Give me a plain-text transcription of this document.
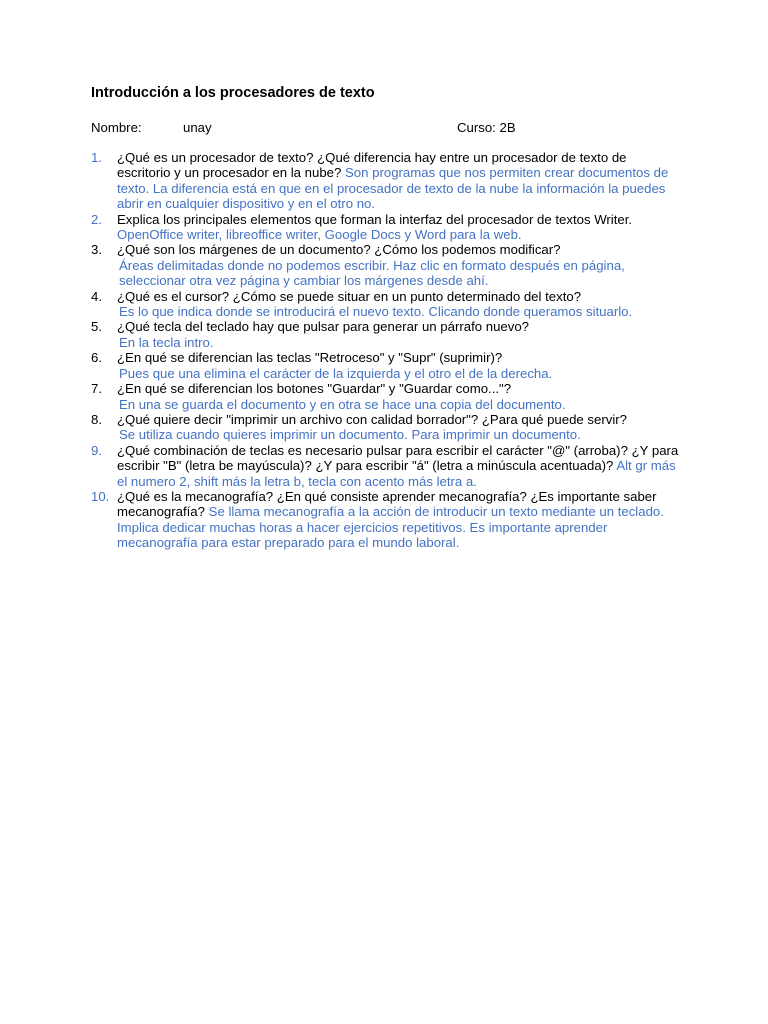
Introducción a los procesadores de texto
Nombre:	unay	Curso: 2B
1.	¿Qué es un procesador de texto? ¿Qué diferencia hay entre un procesador de texto de escritorio y un procesador en la nube? Son programas que nos permiten crear documentos de texto. La diferencia está en que en el procesador de texto de la nube la información la puedes abrir en cualquier dispositivo y en el otro no.
2.	Explica los principales elementos que forman la interfaz del procesador de textos Writer.
OpenOffice writer, libreoffice writer, Google Docs y Word para la web.
3.	¿Qué son los márgenes de un documento? ¿Cómo los podemos modificar?
Áreas delimitadas donde no podemos escribir. Haz clic en formato después en página, seleccionar otra vez página y cambiar los márgenes desde ahí.
4.	¿Qué es el cursor? ¿Cómo se puede situar en un punto determinado del texto?
Es lo que indica donde se introducirá el nuevo texto. Clicando donde queramos situarlo.
5.	¿Qué tecla del teclado hay que pulsar para generar un párrafo nuevo?
En la tecla intro.
6.	¿En qué se diferencian las teclas "Retroceso" y "Supr" (suprimir)?
Pues que una elimina el carácter de la izquierda y el otro el de la derecha.
7.	¿En qué se diferencian los botones "Guardar" y "Guardar como..."?
En una se guarda el documento y en otra se hace una copia del documento.
8.	¿Qué quiere decir "imprimir un archivo con calidad borrador"? ¿Para qué puede servir?
Se utiliza cuando quieres imprimir un documento. Para imprimir un documento.
9.	¿Qué combinación de teclas es necesario pulsar para escribir el carácter "@" (arroba)? ¿Y para escribir "B" (letra be mayúscula)? ¿Y para escribir "á" (letra a minúscula acentuada)? Alt gr más el numero 2, shift más la letra b, tecla con acento más letra a.
10. ¿Qué es la mecanografía? ¿En qué consiste aprender mecanografía? ¿Es importante saber mecanografía? Se llama mecanografía a la acción de introducir un texto mediante un teclado. Implica dedicar muchas horas a hacer ejercicios repetitivos. Es importante aprender mecanografía para estar preparado para el mundo laboral.
